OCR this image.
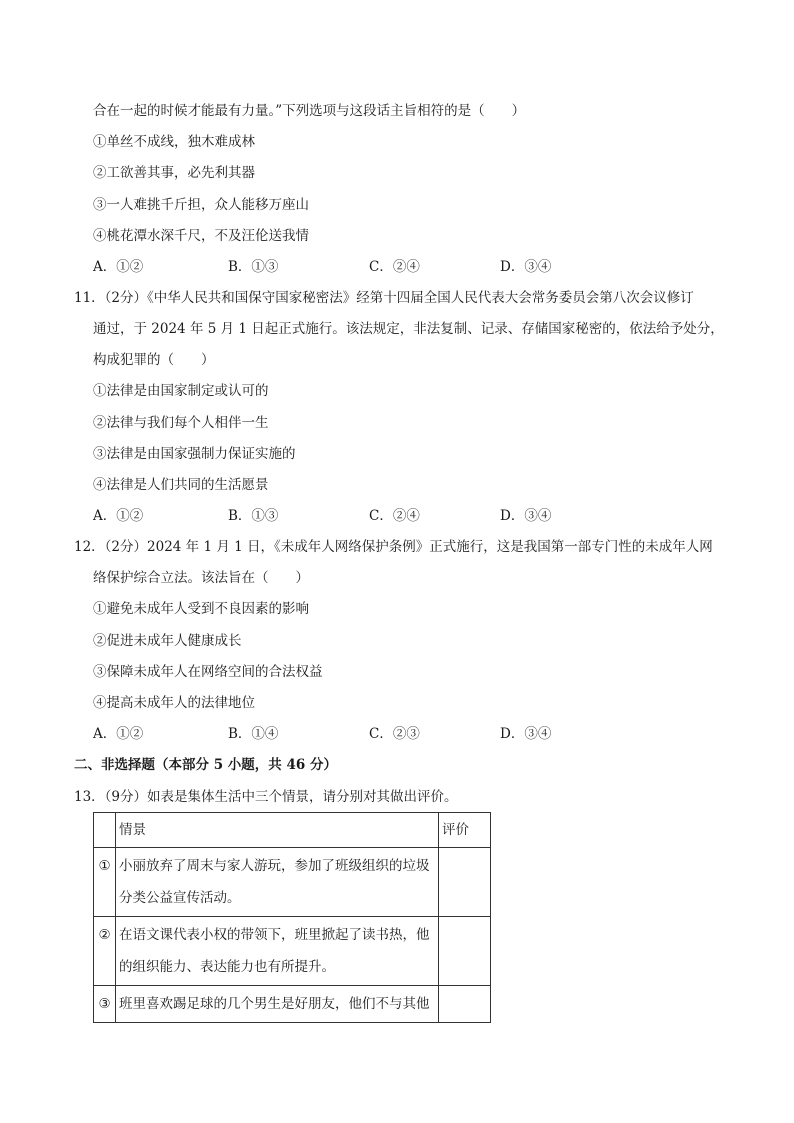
合在一起的时候才能最有力量。”下列选项与这段话主旨相符的是（　　）
①单丝不成线，独木难成林
②工欲善其事，必先利其器
③一人难挑千斤担，众人能移万座山
④桃花潭水深千尺，不及汪伦送我情
A．①②	B．①③	C．②④	D．③④
11．（2分）《中华人民共和国保守国家秘密法》经第十四届全国人民代表大会常务委员会第八次会议修订
通过，于 2024 年 5 月 1 日起正式施行。该法规定，非法复制、记录、存储国家秘密的，依法给予处分，
构成犯罪的（　　）
①法律是由国家制定或认可的
②法律与我们每个人相伴一生
③法律是由国家强制力保证实施的
④法律是人们共同的生活愿景
A．①②	B．①③	C．②④	D．③④
12．（2分）2024 年 1 月 1 日，《未成年人网络保护条例》正式施行，这是我国第一部专门性的未成年人网
络保护综合立法。该法旨在（　　）
①避免未成年人受到不良因素的影响
②促进未成年人健康成长
③保障未成年人在网络空间的合法权益
④提高未成年人的法律地位
A．①②	B．①④	C．②③	D．③④
二、非选择题（本部分 5 小题，共 46 分）
13．（9分）如表是集体生活中三个情景，请分别对其做出评价。
	情景	评价
①	小丽放弃了周末与家人游玩，参加了班级组织的垃圾
分类公益宣传活动。	

②	在语文课代表小权的带领下，班里掀起了读书热，他
的组织能力、表达能力也有所提升。	

③	班里喜欢踢足球的几个男生是好朋友，他们不与其他	
